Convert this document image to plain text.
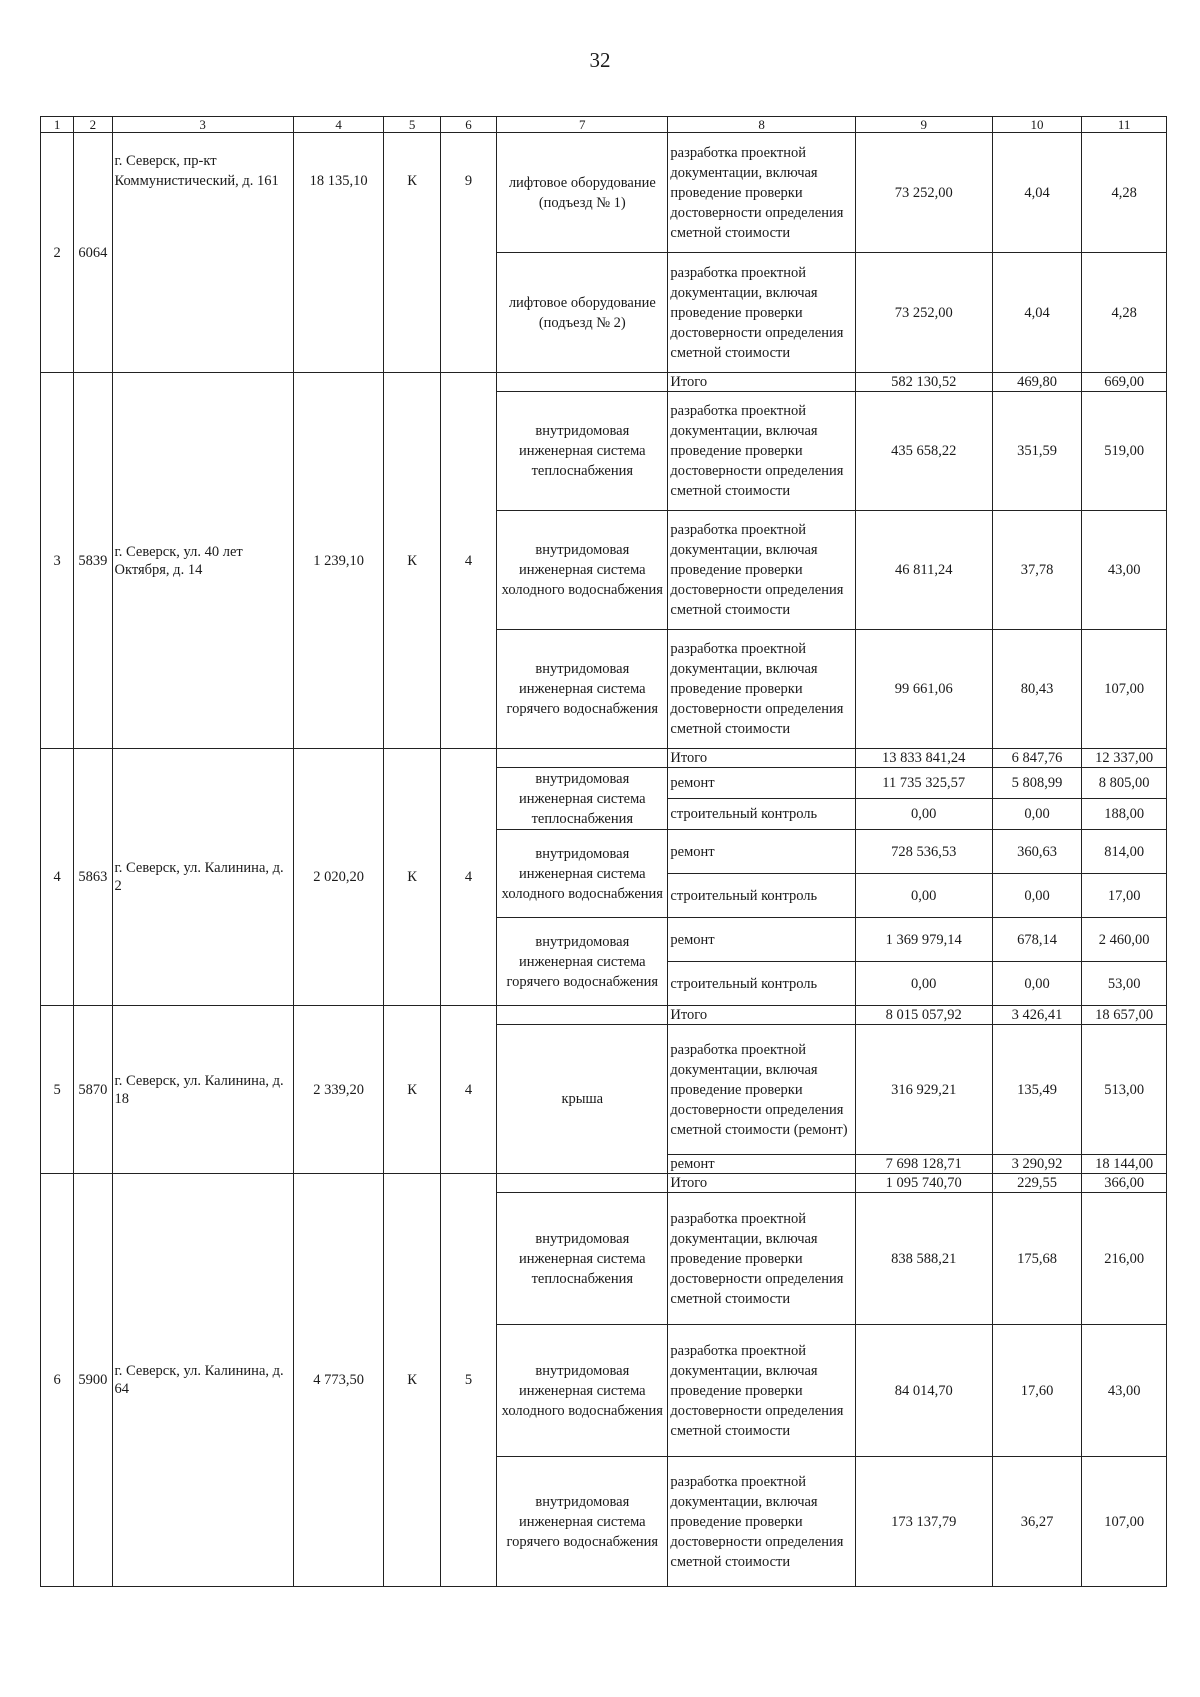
32
1	2	3	4	5	6	7	8	9	10	11
2	6064	г. Северск, пр-кт Коммунистический, д. 161	18 135,10	К	9	лифтовое оборудование (подъезд № 1)	разработка проектной документации, включая проведение проверки достоверности определения сметной стоимости	73 252,00	4,04	4,28
						лифтовое оборудование (подъезд № 2)	разработка проектной документации, включая проведение проверки достоверности определения сметной стоимости	73 252,00	4,04	4,28
3	5839	г. Северск, ул. 40 лет Октября, д. 14	1 239,10	К	4		Итого	582 130,52	469,80	669,00
						внутридомовая инженерная система теплоснабжения	разработка проектной документации, включая проведение проверки достоверности определения сметной стоимости	435 658,22	351,59	519,00
						внутридомовая инженерная система холодного водоснабжения	разработка проектной документации, включая проведение проверки достоверности определения сметной стоимости	46 811,24	37,78	43,00
						внутридомовая инженерная система горячего водоснабжения	разработка проектной документации, включая проведение проверки достоверности определения сметной стоимости	99 661,06	80,43	107,00
4	5863	г. Северск, ул. Калинина, д. 2	2 020,20	К	4		Итого	13 833 841,24	6 847,76	12 337,00
						внутридомовая инженерная система теплоснабжения	ремонт	11 735 325,57	5 808,99	8 805,00
							строительный контроль	0,00	0,00	188,00
						внутридомовая инженерная система холодного водоснабжения	ремонт	728 536,53	360,63	814,00
							строительный контроль	0,00	0,00	17,00
						внутридомовая инженерная система горячего водоснабжения	ремонт	1 369 979,14	678,14	2 460,00
							строительный контроль	0,00	0,00	53,00
5	5870	г. Северск, ул. Калинина, д. 18	2 339,20	К	4		Итого	8 015 057,92	3 426,41	18 657,00
						крыша	разработка проектной документации, включая проведение проверки достоверности определения сметной стоимости (ремонт)	316 929,21	135,49	513,00
							ремонт	7 698 128,71	3 290,92	18 144,00
6	5900	г. Северск, ул. Калинина, д. 64	4 773,50	К	5		Итого	1 095 740,70	229,55	366,00
						внутридомовая инженерная система теплоснабжения	разработка проектной документации, включая проведение проверки достоверности определения сметной стоимости	838 588,21	175,68	216,00
						внутридомовая инженерная система холодного водоснабжения	разработка проектной документации, включая проведение проверки достоверности определения сметной стоимости	84 014,70	17,60	43,00
						внутридомовая инженерная система горячего водоснабжения	разработка проектной документации, включая проведение проверки достоверности определения сметной стоимости	173 137,79	36,27	107,00
